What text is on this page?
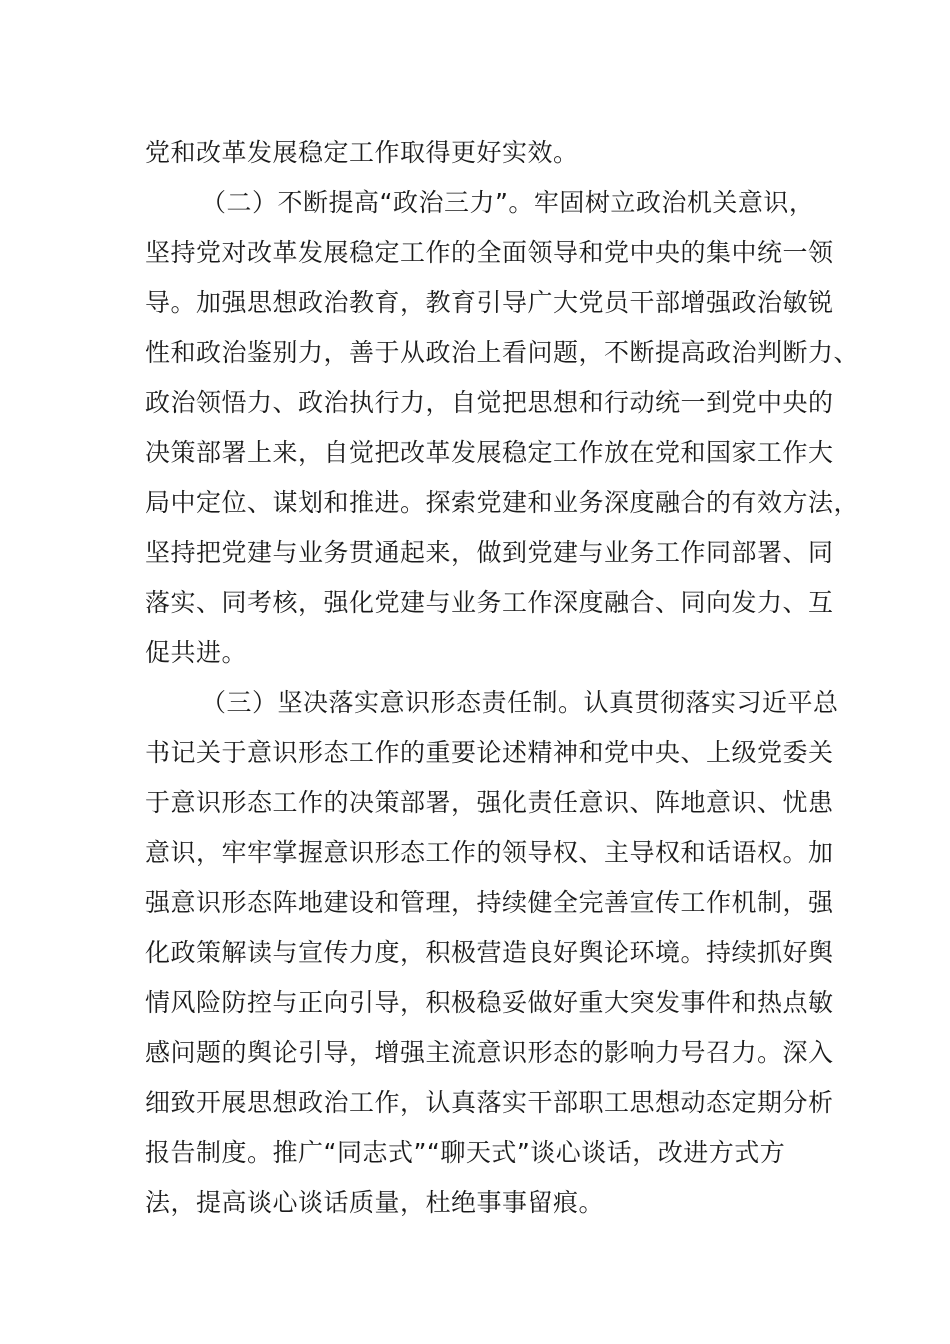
党和改革发展稳定工作取得更好实效。
（二）不断提高“政治三力”。牢固树立政治机关意识，
坚持党对改革发展稳定工作的全面领导和党中央的集中统一领
导。加强思想政治教育，教育引导广大党员干部增强政治敏锐
性和政治鉴别力，善于从政治上看问题，不断提高政治判断力、
政治领悟力、政治执行力，自觉把思想和行动统一到党中央的
决策部署上来，自觉把改革发展稳定工作放在党和国家工作大
局中定位、谋划和推进。探索党建和业务深度融合的有效方法，
坚持把党建与业务贯通起来，做到党建与业务工作同部署、同
落实、同考核，强化党建与业务工作深度融合、同向发力、互
促共进。
（三）坚决落实意识形态责任制。认真贯彻落实习近平总
书记关于意识形态工作的重要论述精神和党中央、上级党委关
于意识形态工作的决策部署，强化责任意识、阵地意识、忧患
意识，牢牢掌握意识形态工作的领导权、主导权和话语权。加
强意识形态阵地建设和管理，持续健全完善宣传工作机制，强
化政策解读与宣传力度，积极营造良好舆论环境。持续抓好舆
情风险防控与正向引导，积极稳妥做好重大突发事件和热点敏
感问题的舆论引导，增强主流意识形态的影响力号召力。深入
细致开展思想政治工作，认真落实干部职工思想动态定期分析
报告制度。推广“同志式”“聊天式”谈心谈话，改进方式方
法，提高谈心谈话质量，杜绝事事留痕。
